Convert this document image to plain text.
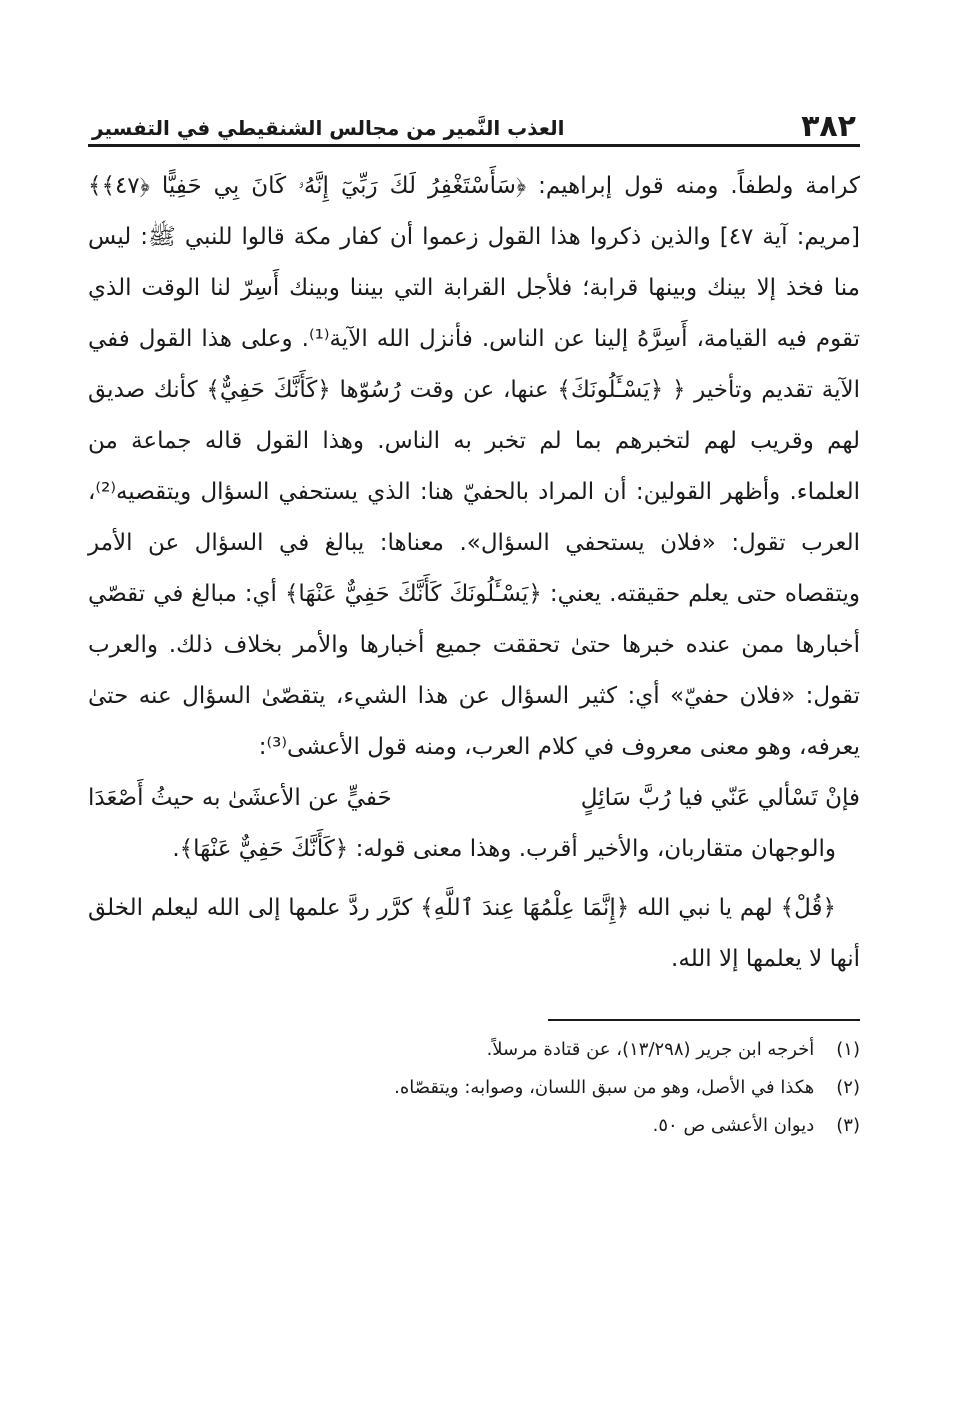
٣٨٢
العذب النَّمير من مجالس الشنقيطي في التفسير

كرامة ولطفاً. ومنه قول إبراهيم: ﴿سَأَسْتَغْفِرُ لَكَ رَبِّيٓ إِنَّهُۥ كَانَ بِي حَفِيًّا ﴿٤٧﴾﴾ [مريم: آية ٤٧] والذين ذكروا هذا القول زعموا أن كفار مكة قالوا للنبي ﷺ: ليس منا فخذ إلا بينك وبينها قرابة؛ فلأجل القرابة التي بيننا وبينك أَسِرّ لنا الوقت الذي تقوم فيه القيامة، أَسِرَّهُ إلينا عن الناس. فأنزل الله الآية⁽¹⁾. وعلى هذا القول ففي الآية تقديم وتأخير ﴿ ﴿يَسْـَٔلُونَكَ﴾ عنها، عن وقت رُسُوّها ﴿كَأَنَّكَ حَفِيٌّ﴾ كأنك صديق لهم وقريب لهم لتخبرهم بما لم تخبر به الناس. وهذا القول قاله جماعة من العلماء. وأظهر القولين: أن المراد بالحفيّ هنا: الذي يستحفي السؤال ويتقصيه⁽²⁾، العرب تقول: «فلان يستحفي السؤال». معناها: يبالغ في السؤال عن الأمر ويتقصاه حتى يعلم حقيقته. يعني: ﴿يَسْـَٔلُونَكَ كَأَنَّكَ حَفِيٌّ عَنْهَا﴾ أي: مبالغ في تقصّي أخبارها ممن عنده خبرها حتىٰ تحققت جميع أخبارها والأمر بخلاف ذلك. والعرب تقول: «فلان حفيّ» أي: كثير السؤال عن هذا الشيء، يتقصّىٰ السؤال عنه حتىٰ يعرفه، وهو معنى معروف في كلام العرب، ومنه قول الأعشى⁽³⁾:

فإنْ تَسْألي عَنّي فيا رُبَّ سَائِلٍ
حَفيٍّ عن الأعشَىٰ به حيثُ أَصْعَدَا

والوجهان متقاربان، والأخير أقرب. وهذا معنى قوله: ﴿كَأَنَّكَ حَفِيٌّ عَنْهَا﴾.

﴿قُلْ﴾ لهم يا نبي الله ﴿إِنَّمَا عِلْمُهَا عِندَ ٱللَّهِ﴾ كرَّر ردَّ علمها إلى الله ليعلم الخلق أنها لا يعلمها إلا الله.

(١) أخرجه ابن جرير (١٣/٢٩٨)، عن قتادة مرسلاً.
(٢) هكذا في الأصل، وهو من سبق اللسان، وصوابه: ويتقصّاه.
(٣) ديوان الأعشى ص ٥٠.
